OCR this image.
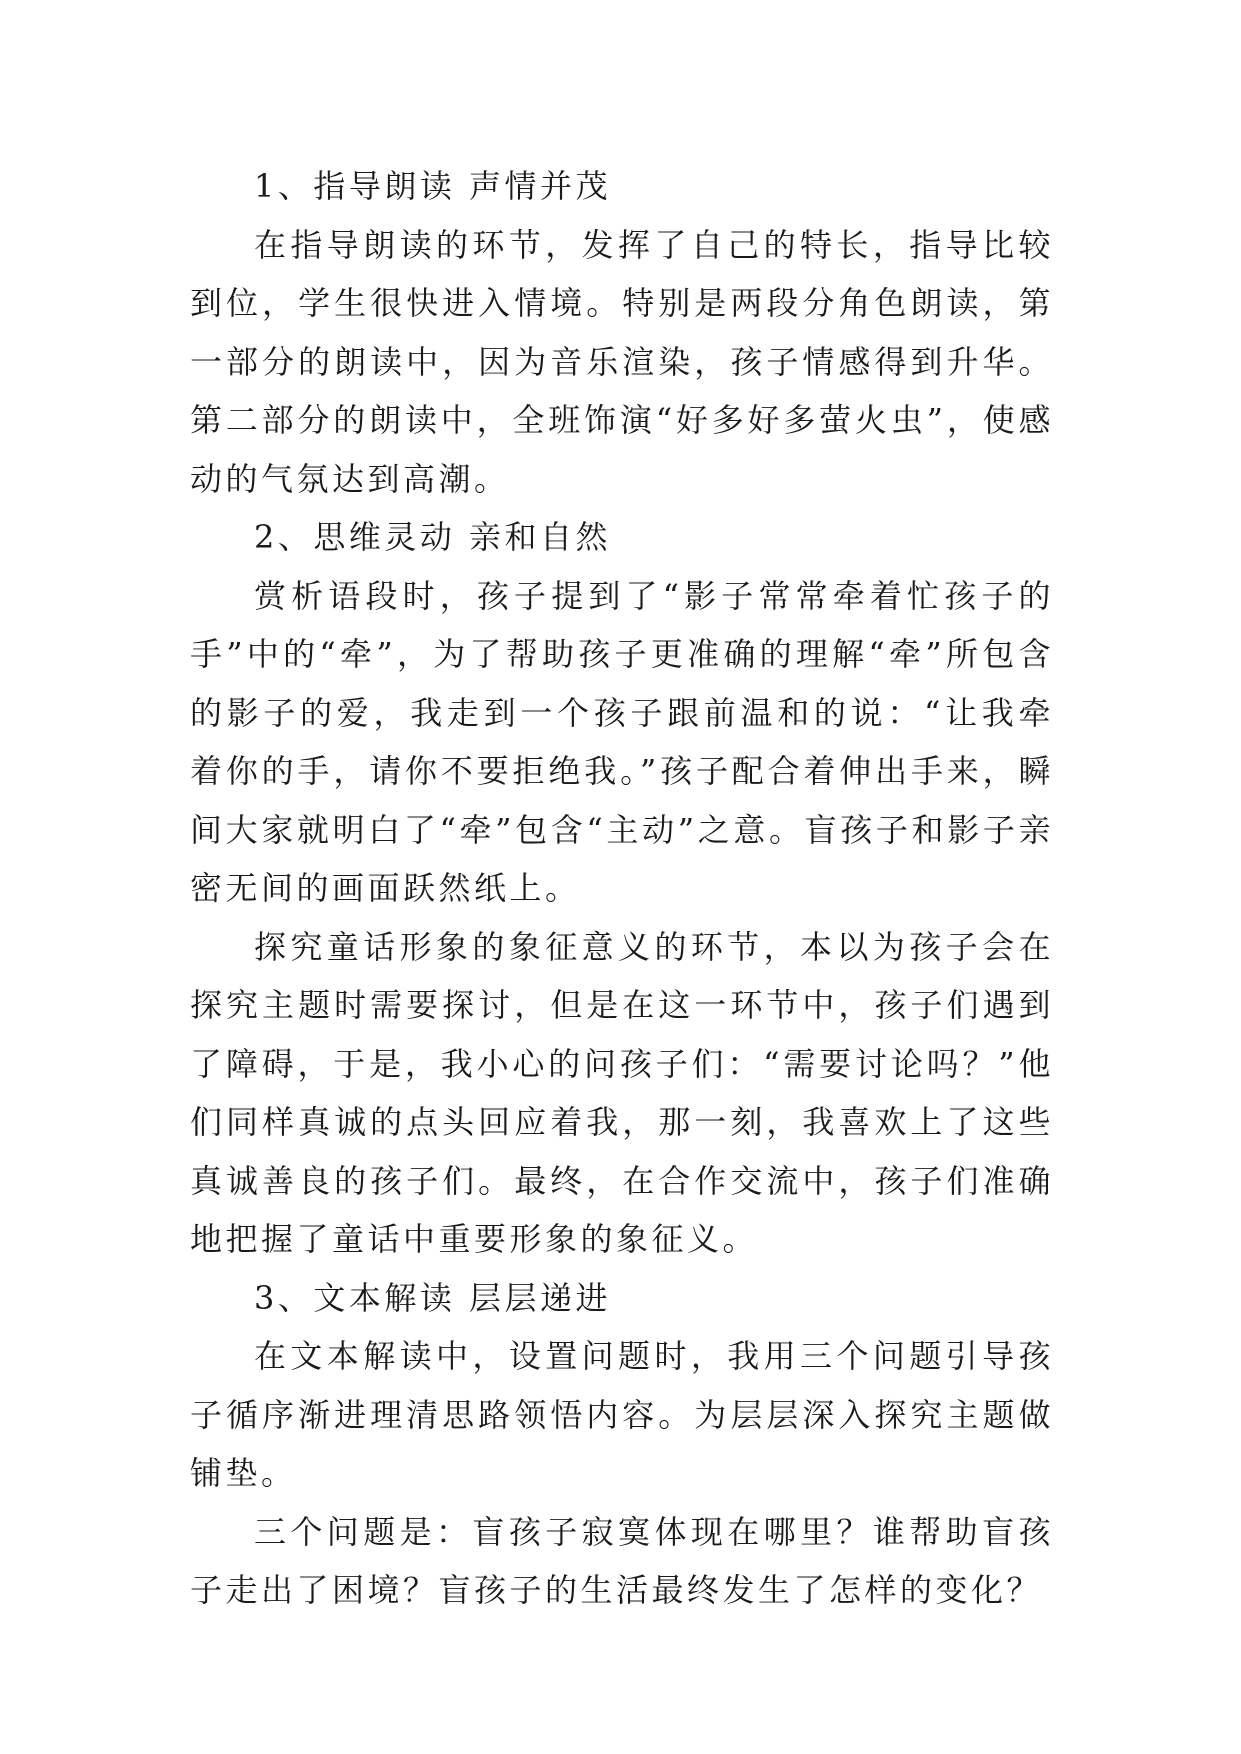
1、指导朗读 声情并茂

在指导朗读的环节，发挥了自己的特长，指导比较到位，学生很快进入情境。特别是两段分角色朗读，第一部分的朗读中，因为音乐渲染，孩子情感得到升华。 第二部分的朗读中，全班饰演“好多好多萤火虫”，使感动的气氛达到高潮。

2、思维灵动 亲和自然

赏析语段时，孩子提到了“影子常常牵着忙孩子的手”中的“牵”，为了帮助孩子更准确的理解“牵”所包含的影子的爱，我走到一个孩子跟前温和的说：“让我牵着你的手，请你不要拒绝我。”孩子配合着伸出手来，瞬间大家就明白了“牵”包含“主动”之意。盲孩子和影子亲密无间的画面跃然纸上。

探究童话形象的象征意义的环节，本以为孩子会在探究主题时需要探讨，但是在这一环节中，孩子们遇到了障碍，于是，我小心的问孩子们：“需要讨论吗？”他们同样真诚的点头回应着我，那一刻，我喜欢上了这些真诚善良的孩子们。最终，在合作交流中，孩子们准确地把握了童话中重要形象的象征义。

3、文本解读 层层递进

在文本解读中，设置问题时，我用三个问题引导孩子循序渐进理清思路领悟内容。为层层深入探究主题做铺垫。

三个问题是：盲孩子寂寞体现在哪里？谁帮助盲孩子走出了困境？盲孩子的生活最终发生了怎样的变化？
